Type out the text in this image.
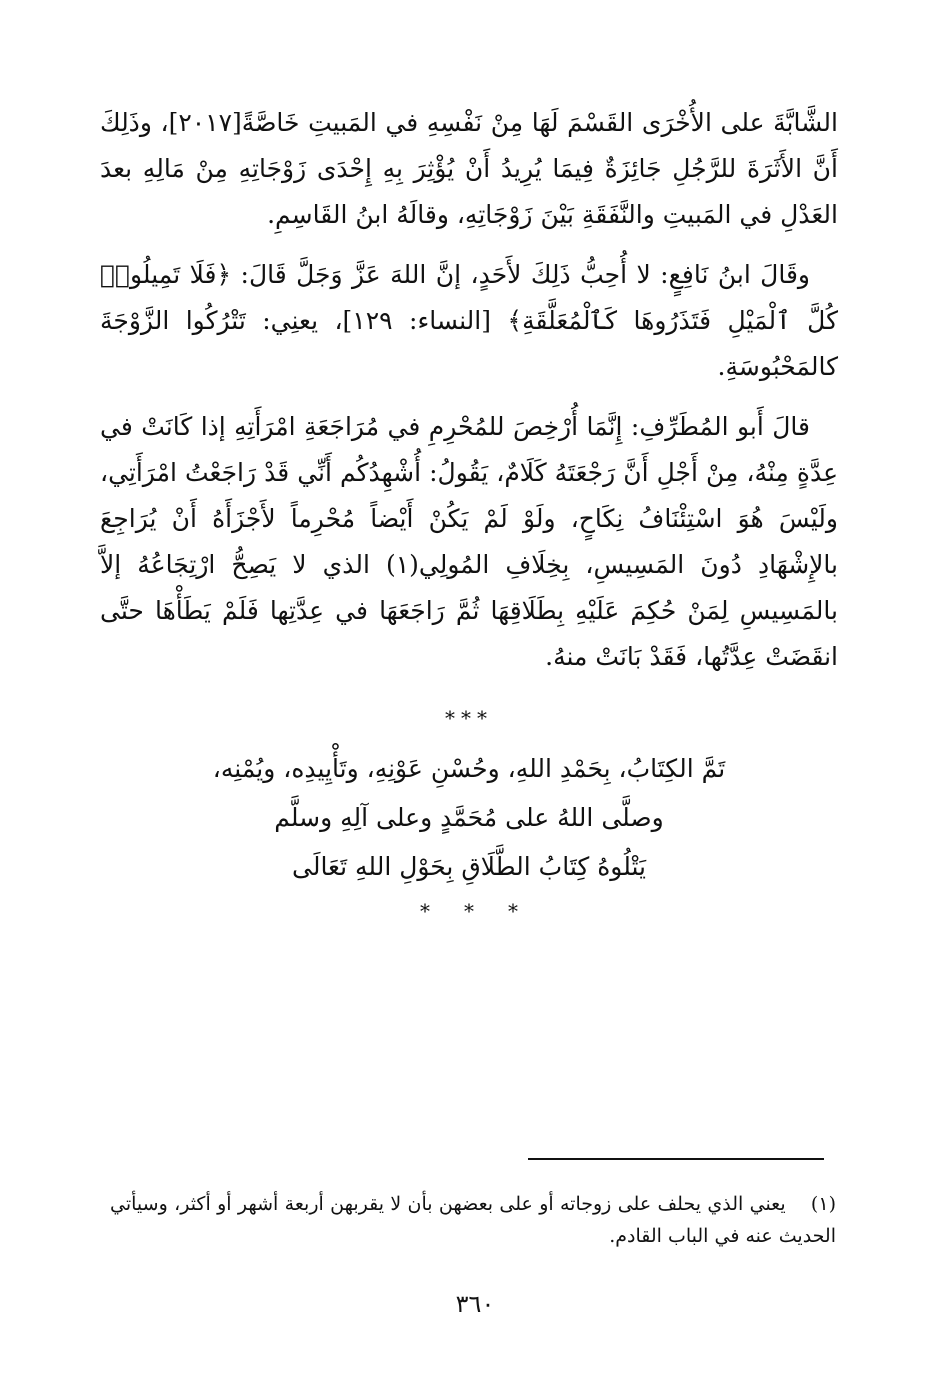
الشَّابَّةَ على الأُخْرَى القَسْمَ لَهَا مِنْ نَفْسِهِ في المَبيتِ خَاصَّةً[٢٠١٧]، وذَلِكَ أَنَّ الأَثَرَةَ للرَّجُلِ جَائِزَةٌ فِيمَا يُرِيدُ أَنْ يُؤْثِرَ بِهِ إِحْدَى زَوْجَاتِهِ مِنْ مَالِهِ بعدَ العَدْلِ في المَبيتِ والنَّفَقَةِ بَيْنَ زَوْجَاتِهِ، وقالَهُ ابنُ القَاسِمِ.

وقَالَ ابنُ نَافِعٍ: لا أُحِبُّ ذَلِكَ لأَحَدٍ، إنَّ اللهَ عَزَّ وَجَلَّ قَالَ: ﴿فَلَا تَمِيلُوا۟ كُلَّ ٱلْمَيْلِ فَتَذَرُوهَا كَٱلْمُعَلَّقَةِ﴾ [النساء: ١٢٩]، يعنِي: تَتْرُكُوا الزَّوْجَةَ كالمَحْبُوسَةِ.

قالَ أَبو المُطَرِّفِ: إِنَّمَا أُرْخِصَ للمُحْرِمِ في مُرَاجَعَةِ امْرَأَتِهِ إذا كَانَتْ في عِدَّةٍ مِنْهُ، مِنْ أَجْلِ أَنَّ رَجْعَتَهُ كَلَامٌ، يَقُولُ: أُشْهِدُكُم أَنِّي قَدْ رَاجَعْتُ امْرَأَتِي، ولَيْسَ هُوَ اسْتِئْنَافُ نِكَاحٍ، ولَوْ لَمْ يَكُنْ أَيْضاً مُحْرِماً لأَجْزَأَهُ أَنْ يُرَاجِعَ بالإِشْهَادِ دُونَ المَسِيسِ، بِخِلَافِ المُولِي(١) الذي لا يَصِحُّ ارْتِجَاعُهُ إلاَّ بالمَسِيسِ لِمَنْ حُكِمَ عَلَيْهِ بِطَلَاقِهَا ثُمَّ رَاجَعَهَا في عِدَّتِها فَلَمْ يَطَأْهَا حتَّى انقَضَتْ عِدَّتُها، فَقَدْ بَانَتْ منهُ.

***
تَمَّ الكِتَابُ، بِحَمْدِ اللهِ، وحُسْنِ عَوْنِهِ، وتَأْيِيدِه، ويُمْنِه،
وصلَّى اللهُ على مُحَمَّدٍ وعلى آلِهِ وسلَّم
يَتْلُوهُ كِتَابُ الطَّلَاقِ بِحَوْلِ اللهِ تَعَالَى
***
(١) يعني الذي يحلف على زوجاته أو على بعضهن بأن لا يقربهن أربعة أشهر أو أكثر، وسيأتي الحديث عنه في الباب القادم.
٣٦٠
